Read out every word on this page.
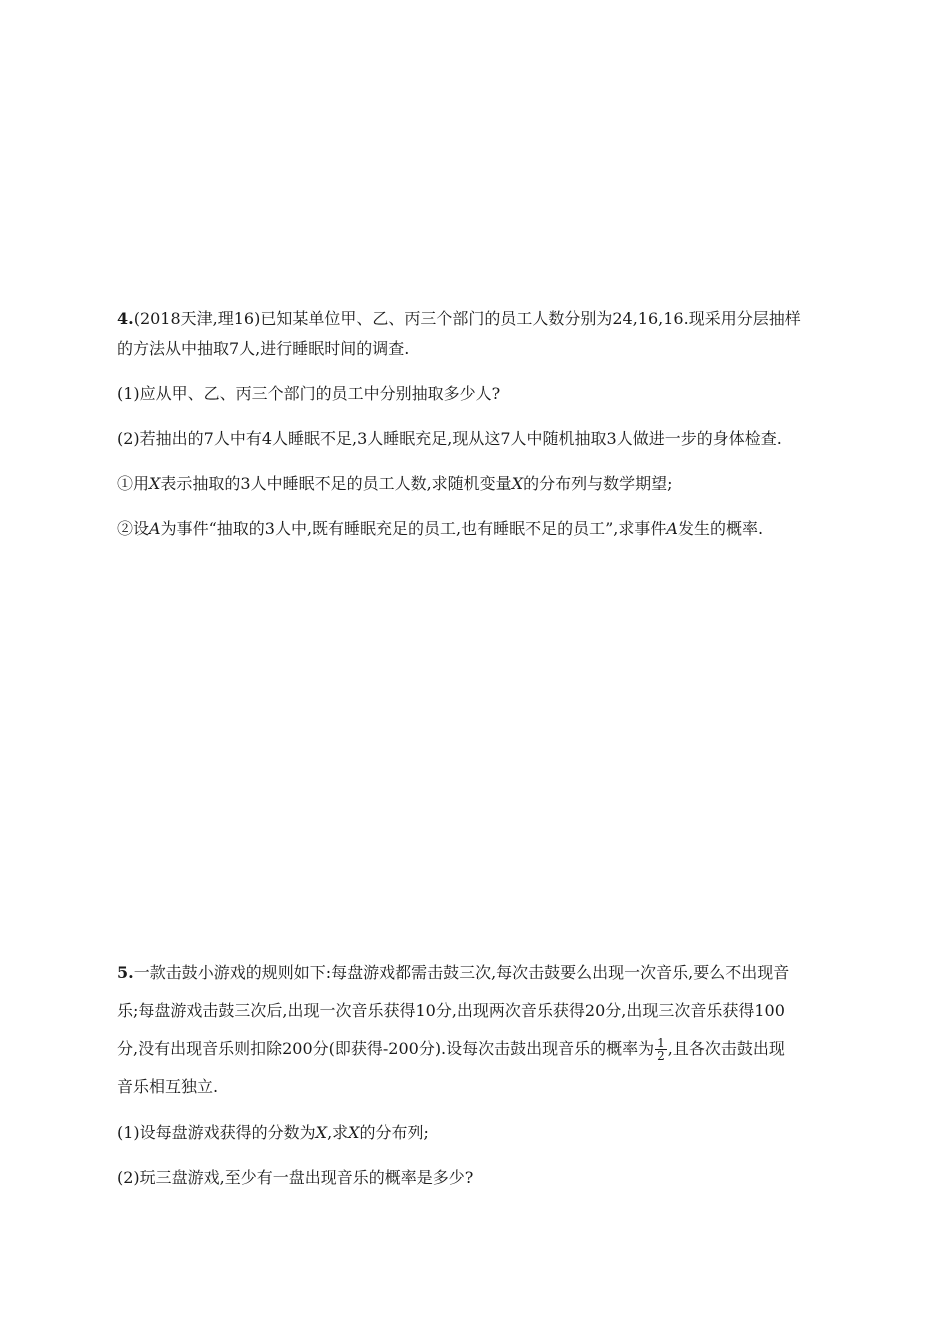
4.(2018天津,理16)已知某单位甲、乙、丙三个部门的员工人数分别为24,16,16.现采用分层抽样

的方法从中抽取7人,进行睡眠时间的调查.

(1)应从甲、乙、丙三个部门的员工中分别抽取多少人?

(2)若抽出的7人中有4人睡眠不足,3人睡眠充足,现从这7人中随机抽取3人做进一步的身体检查.

①用X表示抽取的3人中睡眠不足的员工人数,求随机变量X的分布列与数学期望;

②设A为事件“抽取的3人中,既有睡眠充足的员工,也有睡眠不足的员工”,求事件A发生的概率.

5.一款击鼓小游戏的规则如下:每盘游戏都需击鼓三次,每次击鼓要么出现一次音乐,要么不出现音

乐;每盘游戏击鼓三次后,出现一次音乐获得10分,出现两次音乐获得20分,出现三次音乐获得100

分,没有出现音乐则扣除200分(即获得-200分).设每次击鼓出现音乐的概率为 $\frac{1}{2}$ ,且各次击鼓出现

音乐相互独立.

(1)设每盘游戏获得的分数为X,求X的分布列;

(2)玩三盘游戏,至少有一盘出现音乐的概率是多少?
